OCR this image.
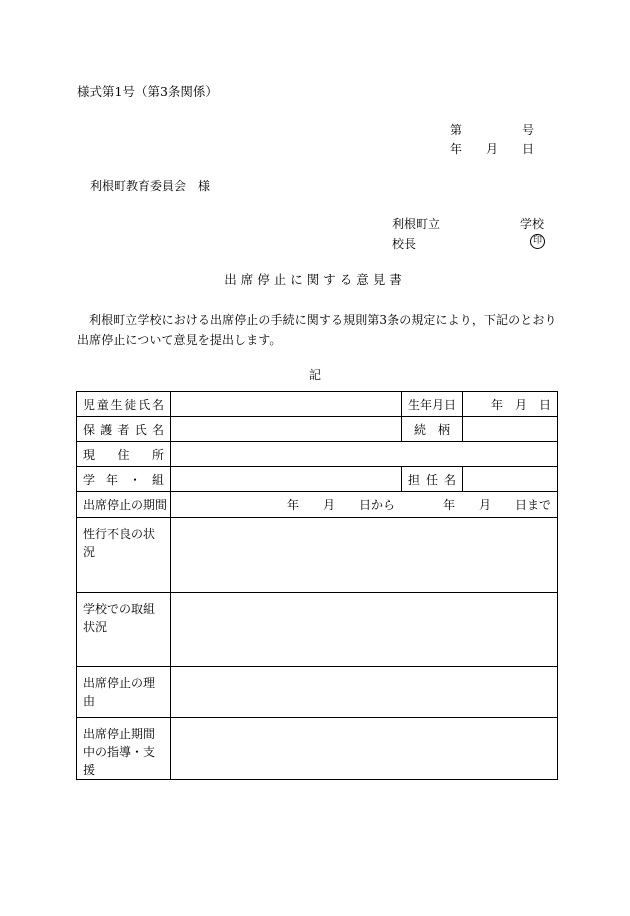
様式第1号（第3条関係）
第	号
年 月 日
利根町教育委員会　様
利根町立	学校
校長	印
出席停止に関する意見書
利根町立学校における出席停止の手続に関する規則第3条の規定により，下記のとおり出席停止について意見を提出します。
記
児童生徒氏名		生年月日	年　月　日
保護者氏名		続　柄	
現住所			
学年・組		担任名	
出席停止の期間	年　　月　　日から　　　　年　　月　　日まで		
性行不良の状況			
学校での取組状況			
出席停止の理由			
出席停止期間中の指導・支援			
